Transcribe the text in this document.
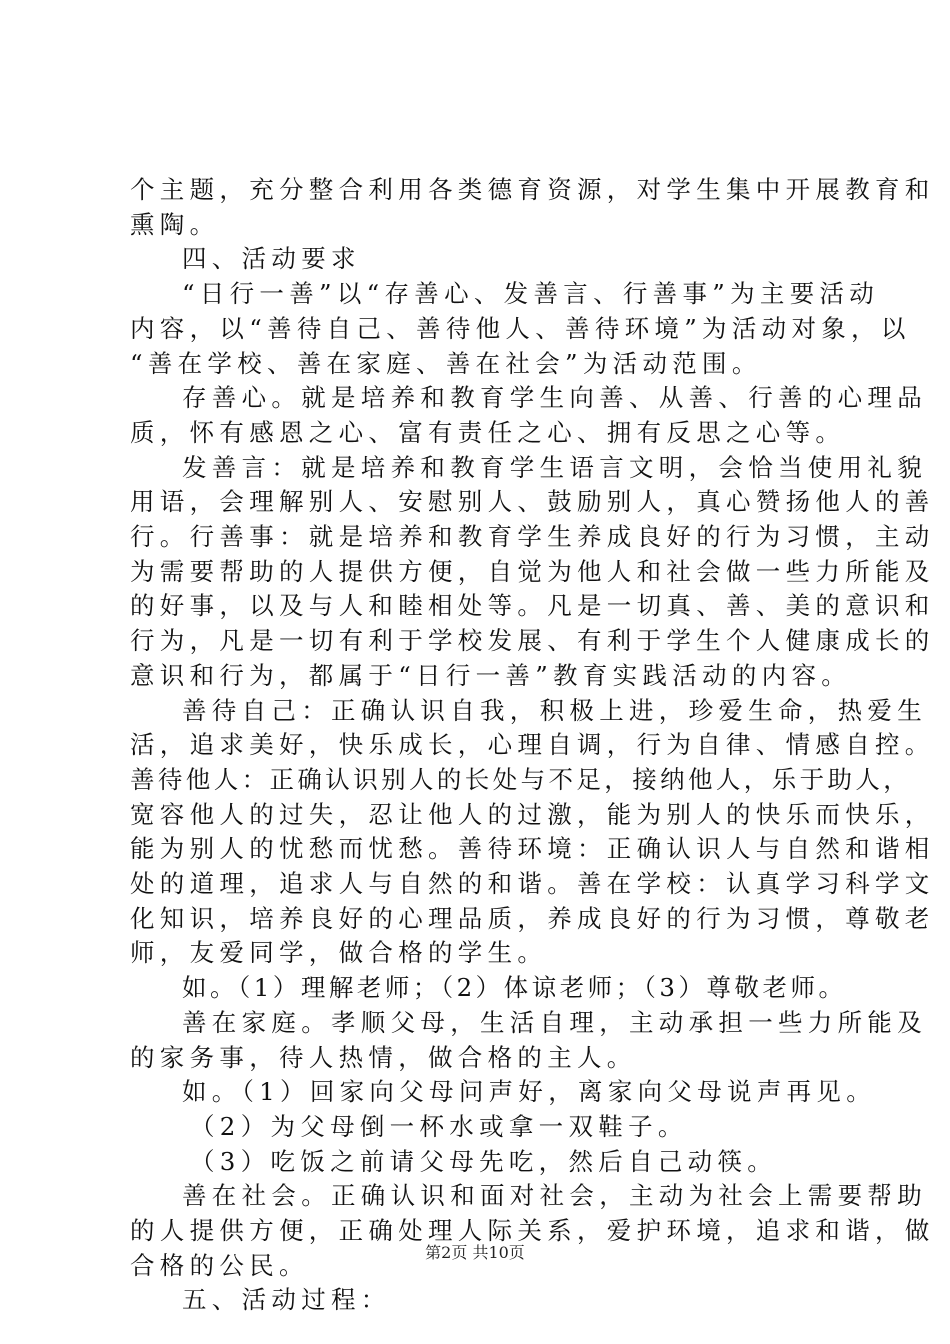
个主题，充分整合利用各类德育资源，对学生集中开展教育和
熏陶。
四、活动要求
“日行一善”以“存善心、发善言、行善事”为主要活动
内容，以“善待自己、善待他人、善待环境”为活动对象，以
“善在学校、善在家庭、善在社会”为活动范围。
存善心。就是培养和教育学生向善、从善、行善的心理品
质，怀有感恩之心、富有责任之心、拥有反思之心等。
发善言：就是培养和教育学生语言文明，会恰当使用礼貌
用语，会理解别人、安慰别人、鼓励别人，真心赞扬他人的善
行。行善事：就是培养和教育学生养成良好的行为习惯，主动
为需要帮助的人提供方便，自觉为他人和社会做一些力所能及
的好事，以及与人和睦相处等。凡是一切真、善、美的意识和
行为，凡是一切有利于学校发展、有利于学生个人健康成长的
意识和行为，都属于“日行一善”教育实践活动的内容。
善待自己：正确认识自我，积极上进，珍爱生命，热爱生
活，追求美好，快乐成长，心理自调，行为自律、情感自控。
善待他人：正确认识别人的长处与不足，接纳他人，乐于助人，
宽容他人的过失，忍让他人的过激，能为别人的快乐而快乐，
能为别人的忧愁而忧愁。善待环境：正确认识人与自然和谐相
处的道理，追求人与自然的和谐。善在学校：认真学习科学文
化知识，培养良好的心理品质，养成良好的行为习惯，尊敬老
师，友爱同学，做合格的学生。
如。（1）理解老师；（2）体谅老师；（3）尊敬老师。
善在家庭。孝顺父母，生活自理，主动承担一些力所能及
的家务事，待人热情，做合格的主人。
如。（1）回家向父母问声好，离家向父母说声再见。
（2）为父母倒一杯水或拿一双鞋子。
（3）吃饭之前请父母先吃，然后自己动筷。
善在社会。正确认识和面对社会，主动为社会上需要帮助
的人提供方便，正确处理人际关系，爱护环境，追求和谐，做
合格的公民。
五、活动过程：
第2页 共10页
